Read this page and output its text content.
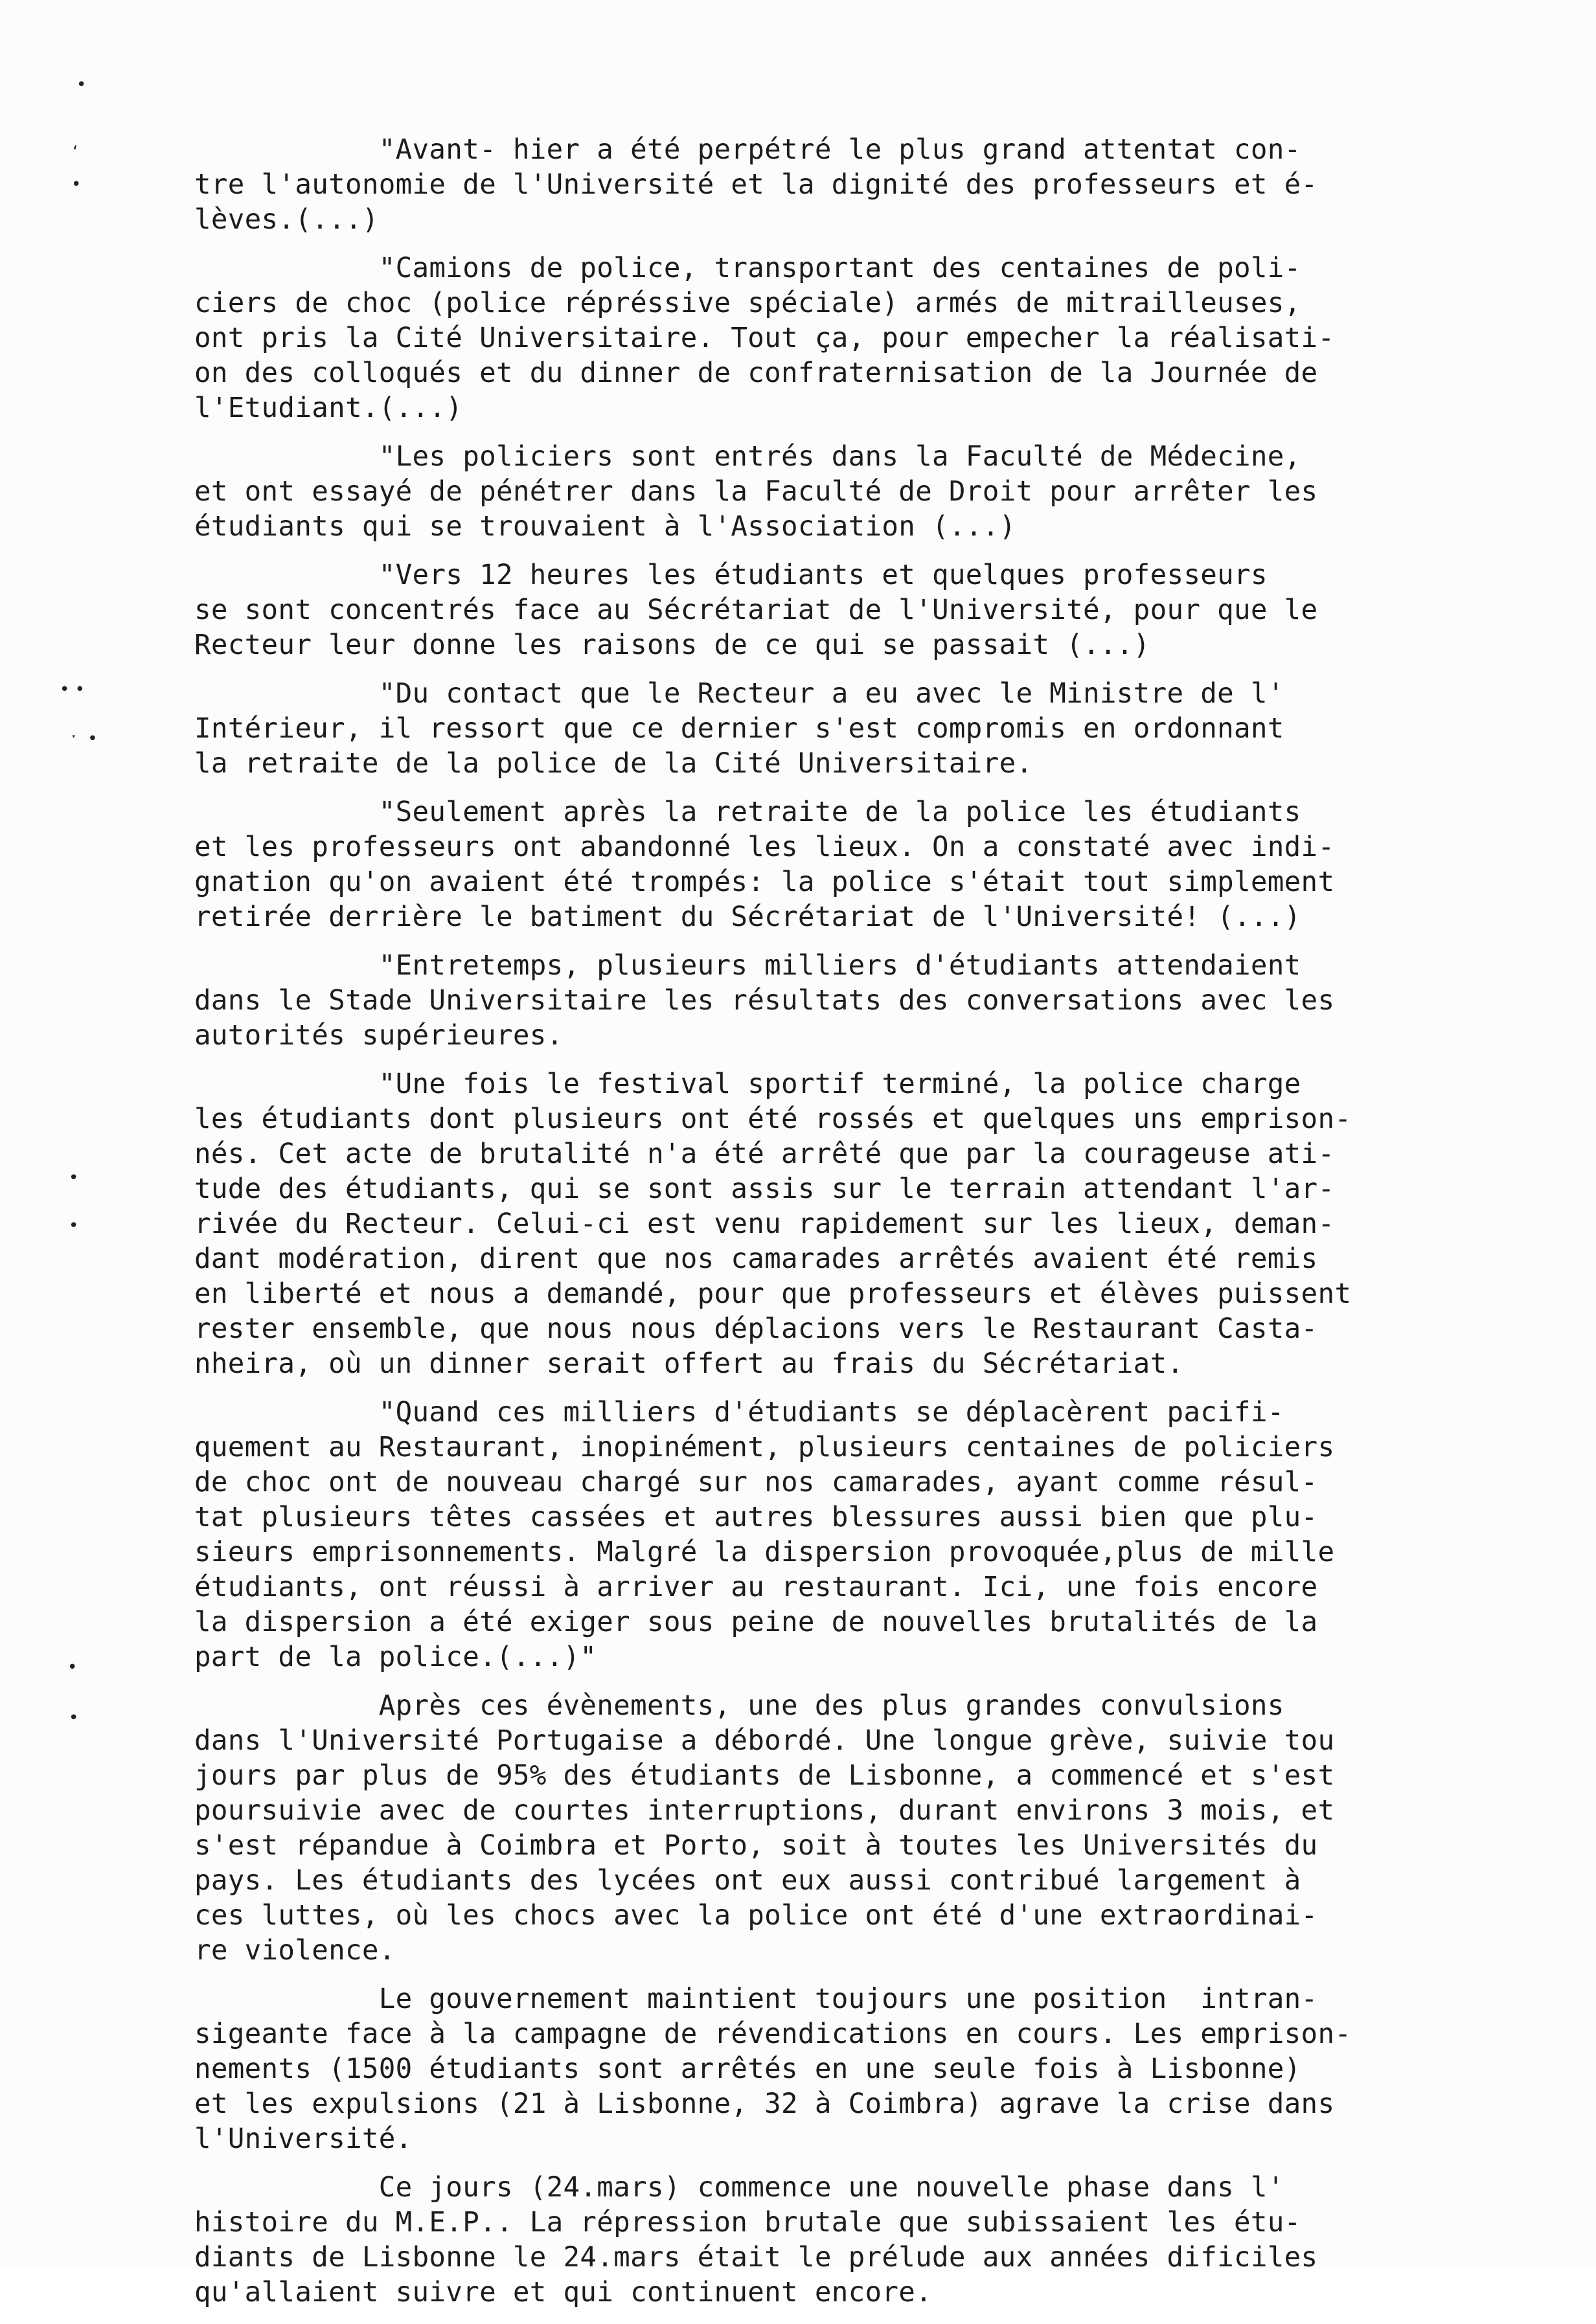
•
ʻ
•
• •
ˑ  •
•
•
•
•
"Avant- hier a été perpétré le plus grand attentat con-
tre l'autonomie de l'Université et la dignité des professeurs et é-
lèves.(...)
"Camions de police, transportant des centaines de poli-
ciers de choc (police répréssive spéciale) armés de mitrailleuses,
ont pris la Cité Universitaire. Tout ça, pour empecher la réalisati-
on des colloqués et du dinner de confraternisation de la Journée de
l'Etudiant.(...)
"Les policiers sont entrés dans la Faculté de Médecine,
et ont essayé de pénétrer dans la Faculté de Droit pour arrêter les
étudiants qui se trouvaient à l'Association (...)
"Vers 12 heures les étudiants et quelques professeurs
se sont concentrés face au Sécrétariat de l'Université, pour que le
Recteur leur donne les raisons de ce qui se passait (...)
"Du contact que le Recteur a eu avec le Ministre de l'
Intérieur, il ressort que ce dernier s'est compromis en ordonnant
la retraite de la police de la Cité Universitaire.
"Seulement après la retraite de la police les étudiants
et les professeurs ont abandonné les lieux. On a constaté avec indi-
gnation qu'on avaient été trompés: la police s'était tout simplement
retirée derrière le batiment du Sécrétariat de l'Université! (...)
"Entretemps, plusieurs milliers d'étudiants attendaient
dans le Stade Universitaire les résultats des conversations avec les
autorités supérieures.
"Une fois le festival sportif terminé, la police charge
les étudiants dont plusieurs ont été rossés et quelques uns emprison-
nés. Cet acte de brutalité n'a été arrêté que par la courageuse ati-
tude des étudiants, qui se sont assis sur le terrain attendant l'ar-
rivée du Recteur. Celui-ci est venu rapidement sur les lieux, deman-
dant modération, dirent que nos camarades arrêtés avaient été remis
en liberté et nous a demandé, pour que professeurs et élèves puissent
rester ensemble, que nous nous déplacions vers le Restaurant Casta-
nheira, où un dinner serait offert au frais du Sécrétariat.
"Quand ces milliers d'étudiants se déplacèrent pacifi-
quement au Restaurant, inopinément, plusieurs centaines de policiers
de choc ont de nouveau chargé sur nos camarades, ayant comme résul-
tat plusieurs têtes cassées et autres blessures aussi bien que plu-
sieurs emprisonnements. Malgré la dispersion provoquée,plus de mille
étudiants, ont réussi à arriver au restaurant. Ici, une fois encore
la dispersion a été exiger sous peine de nouvelles brutalités de la
part de la police.(...)"
Après ces évènements, une des plus grandes convulsions
dans l'Université Portugaise a débordé. Une longue grève, suivie tou
jours par plus de 95% des étudiants de Lisbonne, a commencé et s'est
poursuivie avec de courtes interruptions, durant environs 3 mois, et
s'est répandue à Coimbra et Porto, soit à toutes les Universités du
pays. Les étudiants des lycées ont eux aussi contribué largement à
ces luttes, où les chocs avec la police ont été d'une extraordinai-
re violence.
Le gouvernement maintient toujours une position  intran-
sigeante face à la campagne de révendications en cours. Les emprison-
nements (1500 étudiants sont arrêtés en une seule fois à Lisbonne)
et les expulsions (21 à Lisbonne, 32 à Coimbra) agrave la crise dans
l'Université.
Ce jours (24.mars) commence une nouvelle phase dans l'
histoire du M.E.P.. La répression brutale que subissaient les étu-
diants de Lisbonne le 24.mars était le prélude aux années dificiles
qu'allaient suivre et qui continuent encore.
